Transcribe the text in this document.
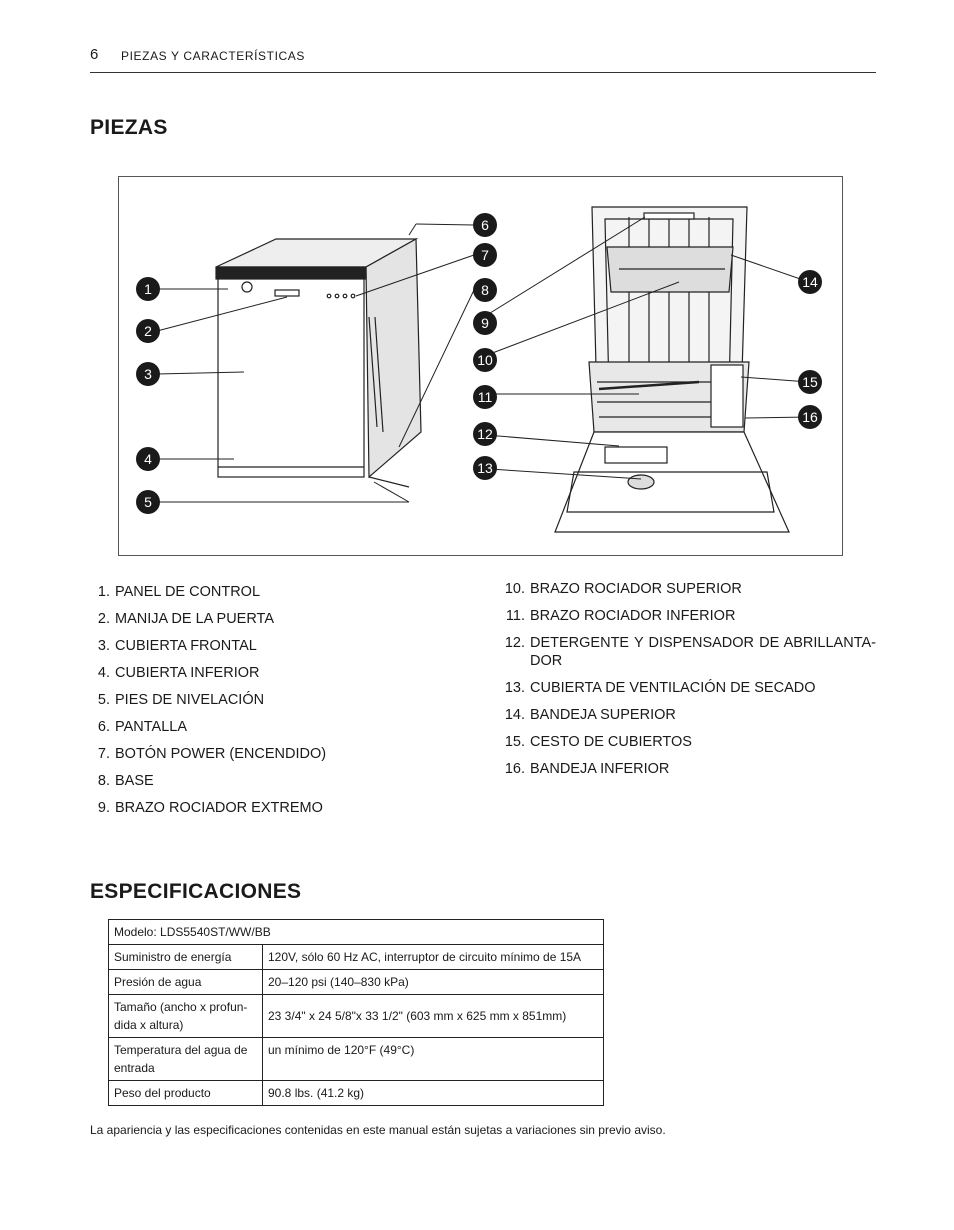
6 PIEZAS Y CARACTERÍSTICAS
PIEZAS
1
2
3
4
5
6
7
8
9
10
11
12
13
14
15
16
1. PANEL DE CONTROL
2. MANIJA DE LA PUERTA
3. CUBIERTA FRONTAL
4. CUBIERTA INFERIOR
5. PIES DE NIVELACIÓN
6. PANTALLA
7. BOTÓN POWER (ENCENDIDO)
8. BASE
9. BRAZO ROCIADOR EXTREMO
10. BRAZO ROCIADOR SUPERIOR
11. BRAZO ROCIADOR INFERIOR
12. DETERGENTE Y DISPENSADOR DE ABRILLANTA-DOR
13. CUBIERTA DE VENTILACIÓN DE SECADO
14. BANDEJA SUPERIOR
15. CESTO DE CUBIERTOS
16. BANDEJA INFERIOR
ESPECIFICACIONES
Modelo: LDS5540ST/WW/BB	
Suministro de energía	120V, sólo 60 Hz AC, interruptor de circuito mínimo de 15A
Presión de agua	20–120 psi (140–830 kPa)
Tamaño (ancho x profun-dida x altura)	23 3/4" x 24 5/8"x 33 1/2" (603 mm x 625 mm x 851mm)
Temperatura del agua de entrada	un mínimo de 120°F (49°C)
Peso del producto	90.8 lbs. (41.2 kg)
La apariencia y las especificaciones contenidas en este manual están sujetas a variaciones sin previo aviso.
